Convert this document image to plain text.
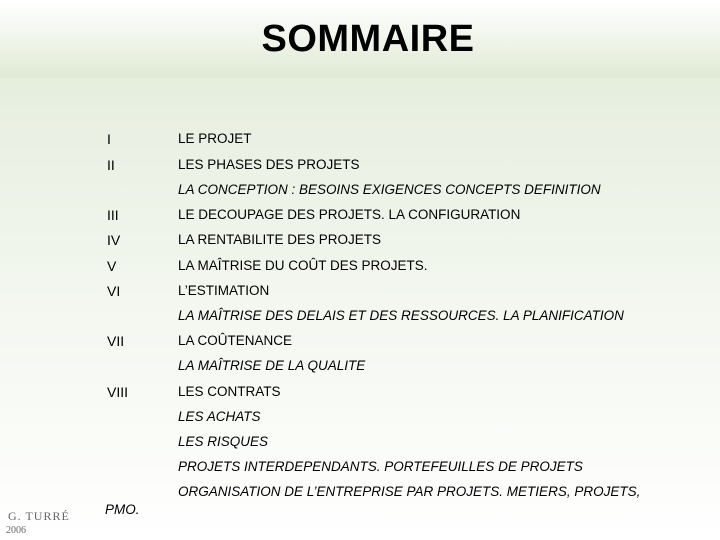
SOMMAIRE
I	LE PROJET
II	LES PHASES DES PROJETS
LA CONCEPTION : BESOINS EXIGENCES CONCEPTS DEFINITION
III	LE DECOUPAGE DES PROJETS. LA CONFIGURATION
IV	LA RENTABILITE DES PROJETS
V	LA MAÎTRISE DU COÛT DES PROJETS.
VI	L’ESTIMATION
LA MAÎTRISE DES DELAIS ET DES RESSOURCES. LA PLANIFICATION
VII	LA COÛTENANCE
LA MAÎTRISE DE LA QUALITE
VIII	LES CONTRATS
LES ACHATS
LES RISQUES
PROJETS INTERDEPENDANTS. PORTEFEUILLES DE PROJETS
ORGANISATION DE L’ENTREPRISE PAR PROJETS. METIERS, PROJETS,
PMO.
G. TURRÉ
2006
